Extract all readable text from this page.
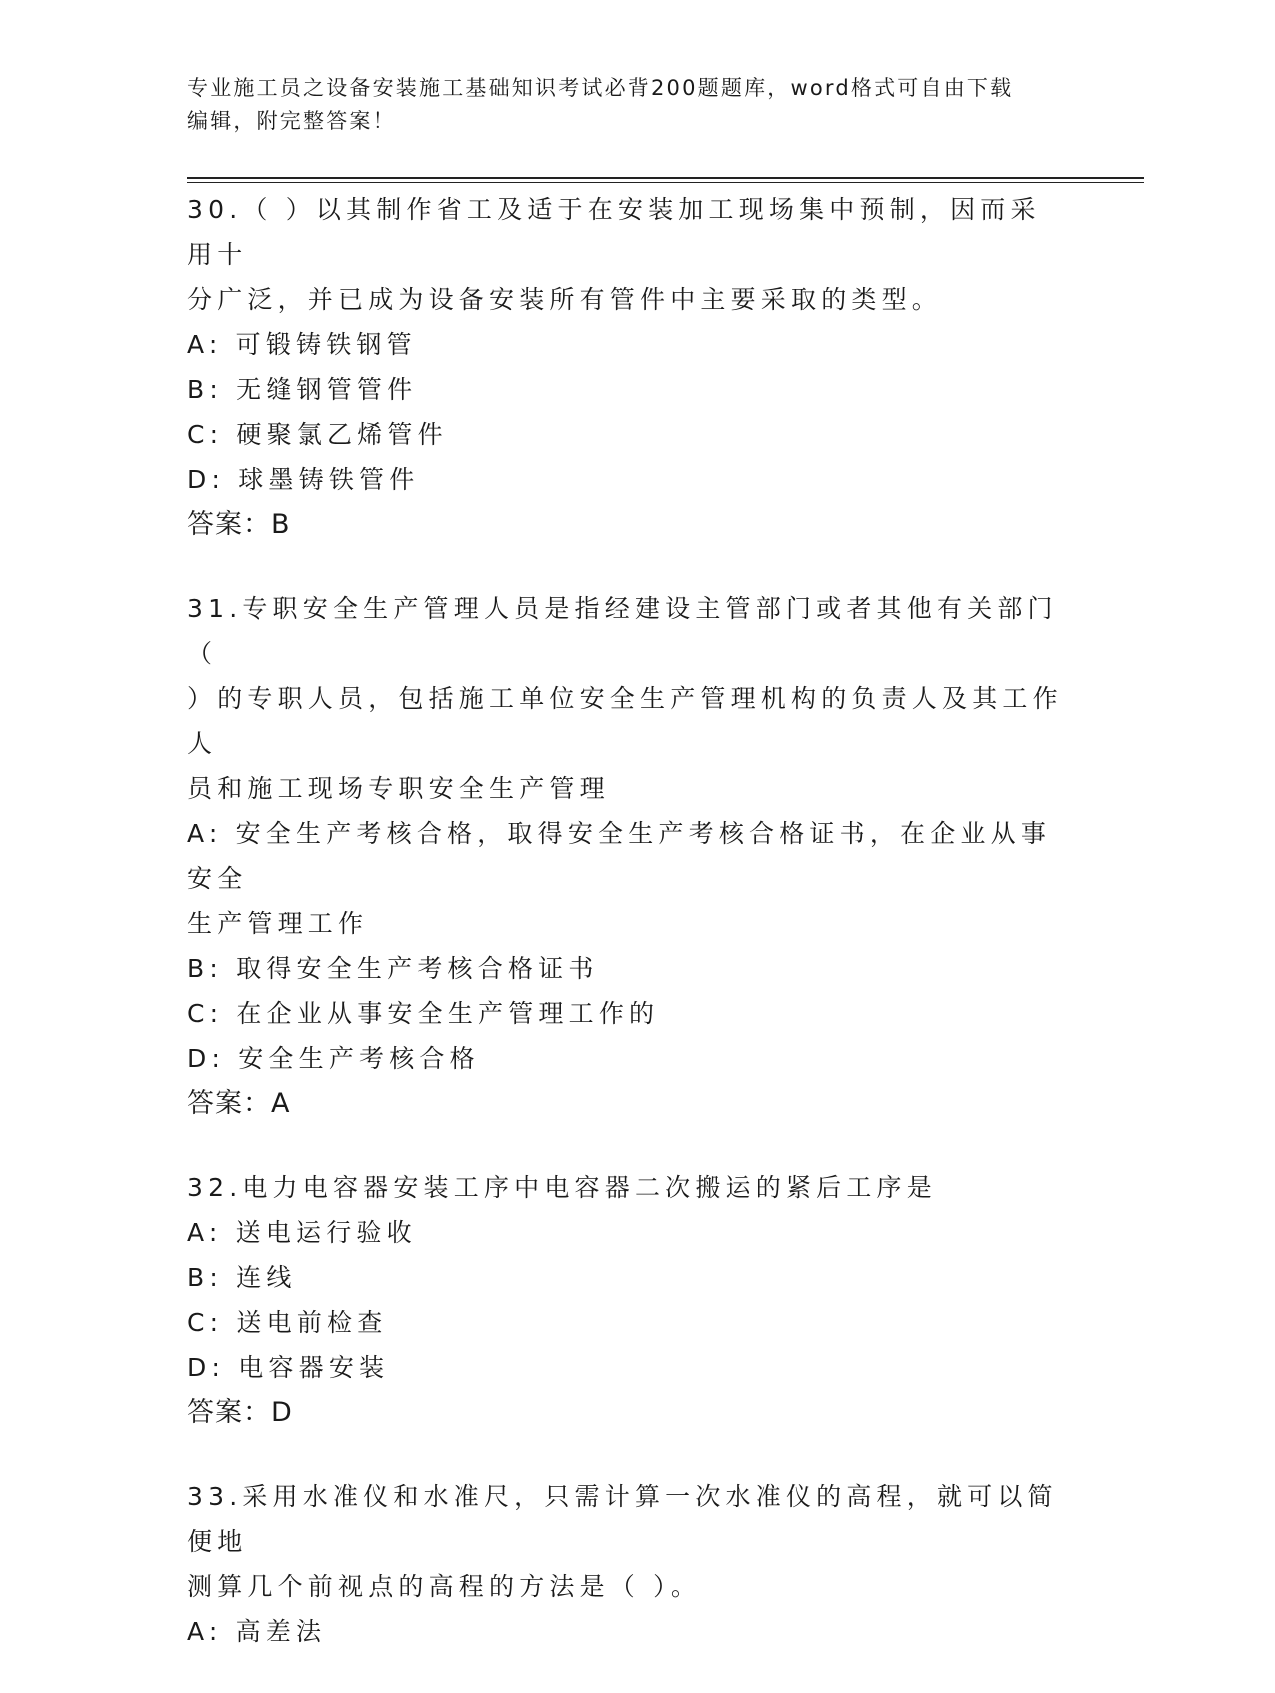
专业施工员之设备安装施工基础知识考试必背200题题库，word格式可自由下载
编辑，附完整答案！
30.（ ）以其制作省工及适于在安装加工现场集中预制，因而采用十
分广泛，并已成为设备安装所有管件中主要采取的类型。
A: 可锻铸铁钢管
B: 无缝钢管管件
C: 硬聚氯乙烯管件
D: 球墨铸铁管件
答案：B
31.专职安全生产管理人员是指经建设主管部门或者其他有关部门（
）的专职人员，包括施工单位安全生产管理机构的负责人及其工作人
员和施工现场专职安全生产管理
A: 安全生产考核合格，取得安全生产考核合格证书，在企业从事安全
生产管理工作
B: 取得安全生产考核合格证书
C: 在企业从事安全生产管理工作的
D: 安全生产考核合格
答案：A
32.电力电容器安装工序中电容器二次搬运的紧后工序是
A: 送电运行验收
B: 连线
C: 送电前检查
D: 电容器安装
答案：D
33.采用水准仪和水准尺，只需计算一次水准仪的高程，就可以简便地
测算几个前视点的高程的方法是（ ）。
A: 高差法
